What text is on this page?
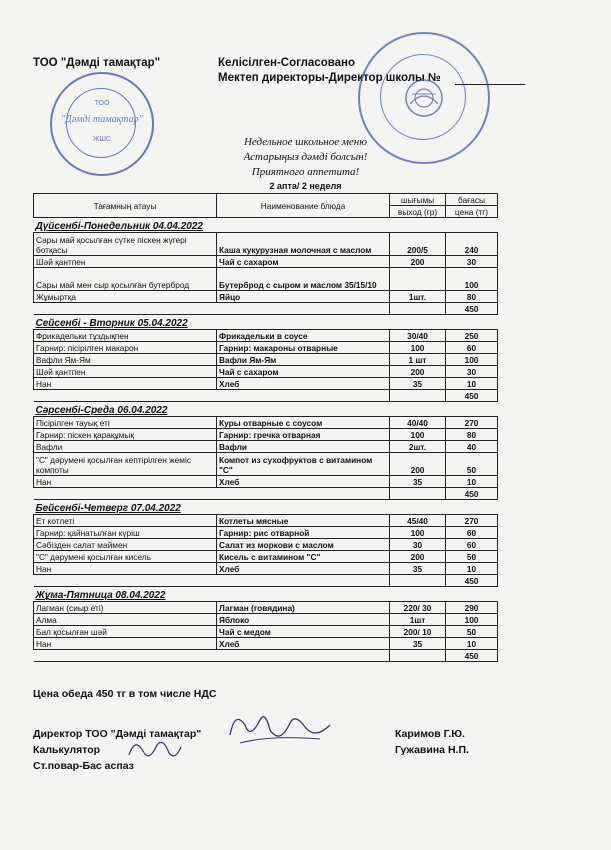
ТОО "Дәмді тамақтар"	Келісілген-Согласовано
Мектеп директоры-Директор школы №
ТОО
"Дәмді тамақтар"
ЖШС	Недельное школьное меню
Астарыңыз дәмді болсын!
Приятного аппетита!
2 апта/ 2 неделя
Тағамның атауы	Наименование блюда	шығымы	бағасы
		выход (гр)	цена (тг)
Дүйсенбі-Понедельник 04.04.2022			
Сары май қосылған сүтке піскен жүгері ботқасы	Каша кукурузная молочная с маслом	200/5	240
Шәй қантпен	Чай с сахаром	200	30
Сары май мен сыр қосылған бутерброд	Бутерброд с сыром и маслом 35/15/10		100
Жұмыртқа	Яйцо	1шт.	80
			450
Сейсенбі - Вторник 05.04.2022			
Фрикадельки тұздықпен	Фрикадельки в соусе	30/40	250
Гарнир: пісірілген макарон	Гарнир: макароны отварные	100	60
Вафли Ям-Ям	Вафли Ям-Ям	1 шт	100
Шәй қантпен	Чай с сахаром	200	30
Нан	Хлеб	35	10
			450
Сәрсенбі-Среда 06.04.2022			
Пісірілген тауық еті	Куры отварные с соусом	40/40	270
Гарнир: піскен қарақұмық	Гарнир: гречка отварная	100	80
Вафли	Вафли	2шт.	40
"С" дәрумені қосылған кептірілген жеміс компоты	Компот из сухофруктов с витамином "С"	200	50
Нан	Хлеб	35	10
			450
Бейсенбі-Четверг 07.04.2022			
Ет котлеті	Котлеты мясные	45/40	270
Гарнир: қайнатылған күріш	Гарнир: рис отварной	100	60
Сәбізден салат маймен	Салат из моркови с маслом	30	60
"С" дәрумені қосылған кисель	Кисель с витамином "С"	200	50
Нан	Хлеб	35	10
			450
Жұма-Пятница 08.04.2022			
Лагман (сиыр еті)	Лагман (говядина)	220/ 30	290
Алма	Яблоко	1шт	100
Бал қосылған шәй	Чай с медом	200/ 10	50
Нан	Хлеб	35	10
			450
Цена обеда 450 тг в том числе НДС
Директор ТОО "Дәмді тамақтар"	Каримов Г.Ю.
Калькулятор	Гужавина Н.П.
Ст.повар-Бас аспаз
